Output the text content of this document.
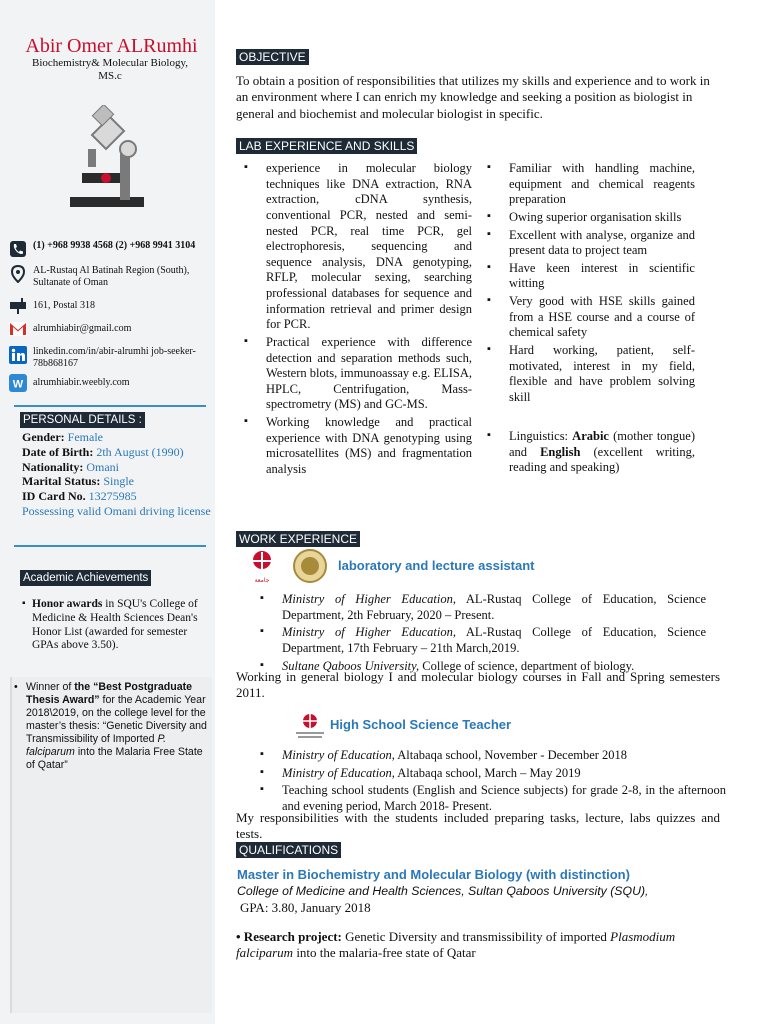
Abir Omer ALRumhi
Biochemistry& Molecular Biology, MS.c
(1) +968 9938 4568 (2) +968 9941 3104
AL-Rustaq Al Batinah Region (South), Sultanate of Oman
161, Postal 318
alrumhiabir@gmail.com
linkedin.com/in/abir-alrumhi job-seeker-78b868167
W alrumhiabir.weebly.com
PERSONAL DETAILS :
Gender: Female
Date of Birth: 2th August (1990)
Nationality: Omani
Marital Status: Single
ID Card No. 13275985
Possessing valid Omani driving license
Academic Achievements
▪ Honor awards in SQU's College of Medicine & Health Sciences Dean's Honor List (awarded for semester GPAs above 3.50).
• Winner of the “Best Postgraduate Thesis Award” for the Academic Year 2018\2019, on the college level for the master’s thesis: “Genetic Diversity and Transmissibility of Imported P. falciparum into the Malaria Free State of Qatar”
OBJECTIVE
To obtain a position of responsibilities that utilizes my skills and experience and to work in an environment where I can enrich my knowledge and seeking a position as biologist in general and biochemist and molecular biologist in specific.
LAB EXPERIENCE AND SKILLS
▪ experience in molecular biology techniques like DNA extraction, RNA extraction, cDNA synthesis, conventional PCR, nested and semi-nested PCR, real time PCR, gel electrophoresis, sequencing and sequence analysis, DNA genotyping, RFLP, molecular sexing, searching professional databases for sequence and information retrieval and primer design for PCR.
▪ Practical experience with difference detection and separation methods such, Western blots, immunoassay e.g. ELISA, HPLC, Centrifugation, Mass-spectrometry (MS) and GC-MS.
▪ Working knowledge and practical experience with DNA genotyping using microsatellites (MS) and fragmentation analysis
▪ Familiar with handling machine, equipment and chemical reagents preparation
▪ Owing superior organisation skills
▪ Excellent with analyse, organize and present data to project team
▪ Have keen interest in scientific witting
▪ Very good with HSE skills gained from a HSE course and a course of chemical safety
▪ Hard working, patient, self-motivated, interest in my field, flexible and have problem solving skill
▪ Linguistics: Arabic (mother tongue) and English (excellent writing, reading and speaking)
WORK EXPERIENCE
جامعة
laboratory and lecture assistant
▪ Ministry of Higher Education, AL-Rustaq College of Education, Science Department, 2th February, 2020 – Present.
▪ Ministry of Higher Education, AL-Rustaq College of Education, Science Department, 17th February – 21th March,2019.
▪ Sultane Qaboos University, College of science, department of biology.
Working in general biology I and molecular biology courses in Fall and Spring semesters 2011.
High School Science Teacher
▪ Ministry of Education, Altabaqa school, November - December 2018
▪ Ministry of Education, Altabaqa school, March – May 2019
▪ Teaching school students (English and Science subjects) for grade 2-8, in the afternoon and evening period, March 2018- Present.
My responsibilities with the students included preparing tasks, lecture, labs quizzes and tests.
QUALIFICATIONS
Master in Biochemistry and Molecular Biology (with distinction)
College of Medicine and Health Sciences, Sultan Qaboos University (SQU),
GPA: 3.80, January 2018
• Research project: Genetic Diversity and transmissibility of imported Plasmodium falciparum into the malaria-free state of Qatar
